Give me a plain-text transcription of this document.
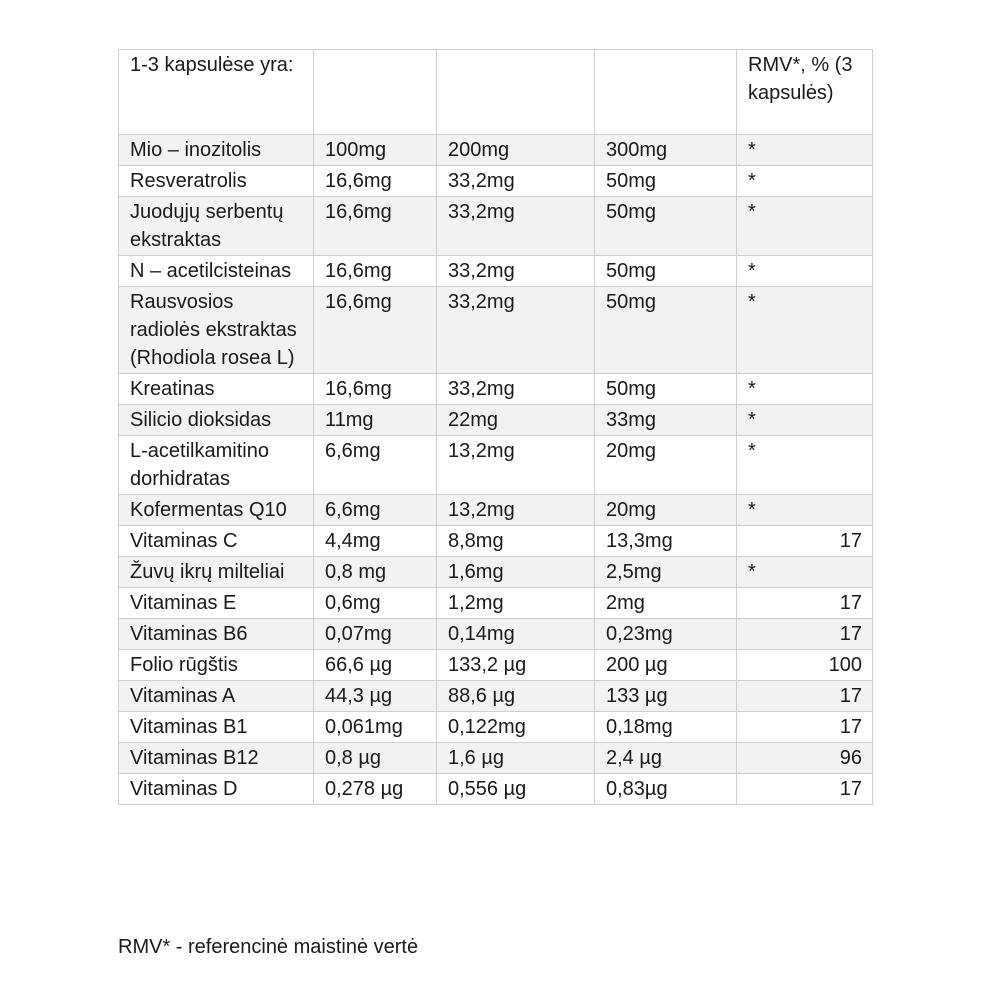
1-3 kapsulėse yra:				RMV*, % (3 kapsulės)
Mio – inozitolis	100mg	200mg	300mg	*
Resveratrolis	16,6mg	33,2mg	50mg	*
Juodųjų serbentų ekstraktas	16,6mg	33,2mg	50mg	*
N – acetilcisteinas	16,6mg	33,2mg	50mg	*
Rausvosios radiolės ekstraktas (Rhodiola rosea L)	16,6mg	33,2mg	50mg	*
Kreatinas	16,6mg	33,2mg	50mg	*
Silicio dioksidas	11mg	22mg	33mg	*
L-acetilkamitino dorhidratas	6,6mg	13,2mg	20mg	*
Kofermentas Q10	6,6mg	13,2mg	20mg	*
Vitaminas C	4,4mg	8,8mg	13,3mg	17
Žuvų ikrų milteliai	0,8 mg	1,6mg	2,5mg	*
Vitaminas E	0,6mg	1,2mg	2mg	17
Vitaminas B6	0,07mg	0,14mg	0,23mg	17
Folio rūgštis	66,6 µg	133,2 µg	200 µg	100
Vitaminas A	44,3 µg	88,6 µg	133 µg	17
Vitaminas B1	0,061mg	0,122mg	0,18mg	17
Vitaminas B12	0,8 µg	1,6 µg	2,4 µg	96
Vitaminas D	0,278 µg	0,556 µg	0,83µg	17

RMV* - referencinė maistinė vertė
